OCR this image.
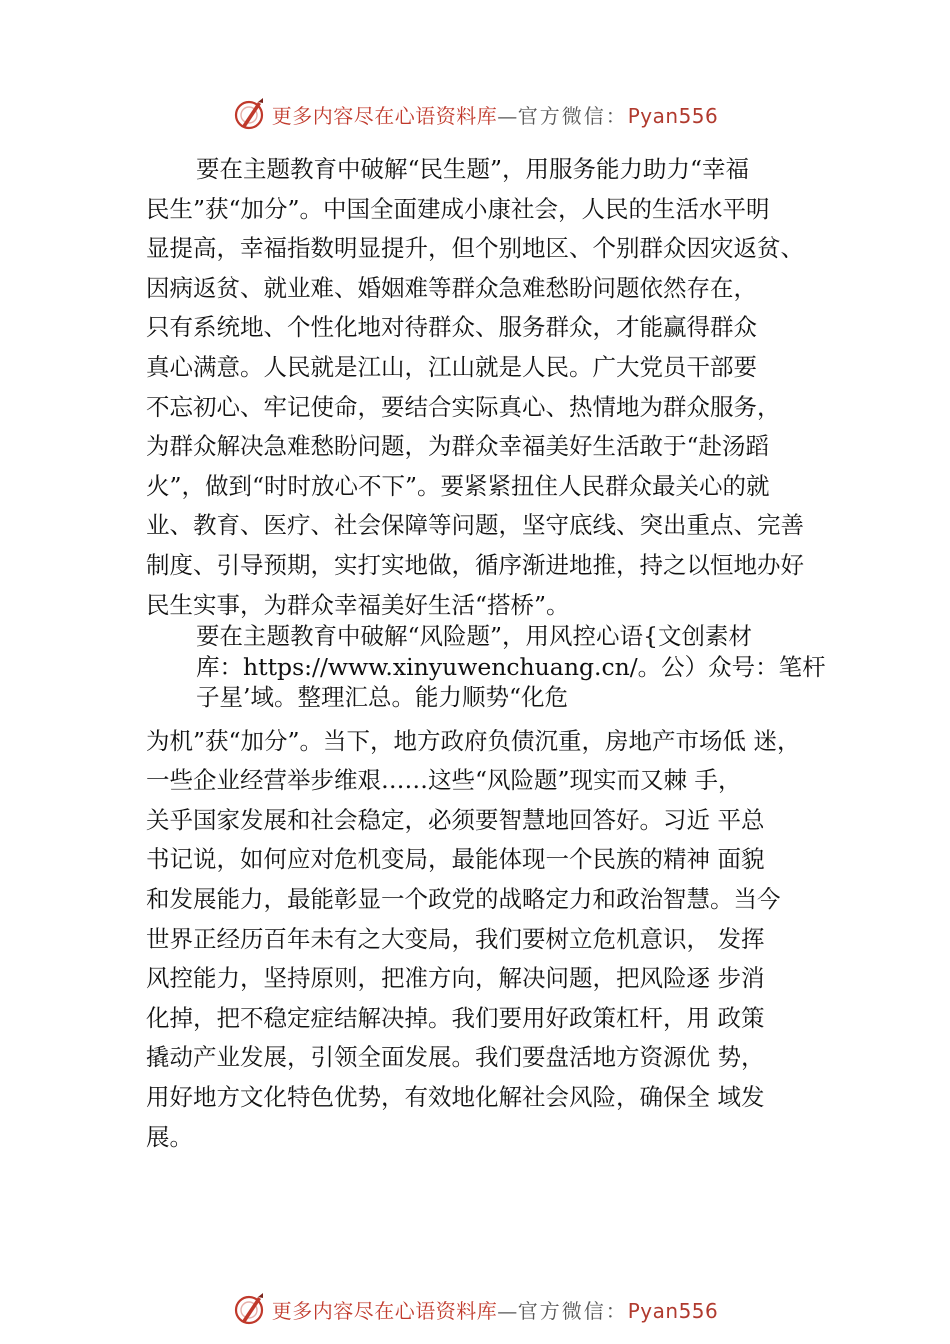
更多内容尽在心语资料库—官方微信：Pyan556
要在主题教育中破解“民生题”，用服务能力助力“幸福
民生”获“加分”。中国全面建成小康社会，人民的生活水平明
显提高，幸福指数明显提升，但个别地区、个别群众因灾返贫、
因病返贫、就业难、婚姻难等群众急难愁盼问题依然存在，
只有系统地、个性化地对待群众、服务群众，才能赢得群众
真心满意。人民就是江山，江山就是人民。广大党员干部要
不忘初心、牢记使命，要结合实际真心、热情地为群众服务，
为群众解决急难愁盼问题，为群众幸福美好生活敢于“赴汤蹈
火”，做到“时时放心不下”。要紧紧扭住人民群众最关心的就
业、教育、医疗、社会保障等问题，坚守底线、突出重点、完善
制度、引导预期，实打实地做，循序渐进地推，持之以恒地办好
民生实事，为群众幸福美好生活“搭桥”。
要在主题教育中破解“风险题”，用风控心语{文创素材
库：https://www.xinyuwenchuang.cn/。公）众号：笔杆
子星’域。整理汇总。能力顺势“化危
为机”获“加分”。当下，地方政府负债沉重，房地产市场低 迷，
一些企业经营举步维艰……这些“风险题”现实而又棘 手，
关乎国家发展和社会稳定，必须要智慧地回答好。习近 平总
书记说，如何应对危机变局，最能体现一个民族的精神 面貌
和发展能力，最能彰显一个政党的战略定力和政治智慧。当今
世界正经历百年未有之大变局，我们要树立危机意识， 发挥
风控能力，坚持原则，把准方向，解决问题，把风险逐 步消
化掉，把不稳定症结解决掉。我们要用好政策杠杆，用 政策
撬动产业发展，引领全面发展。我们要盘活地方资源优 势，
用好地方文化特色优势，有效地化解社会风险，确保全 域发
展。
更多内容尽在心语资料库—官方微信：Pyan556
